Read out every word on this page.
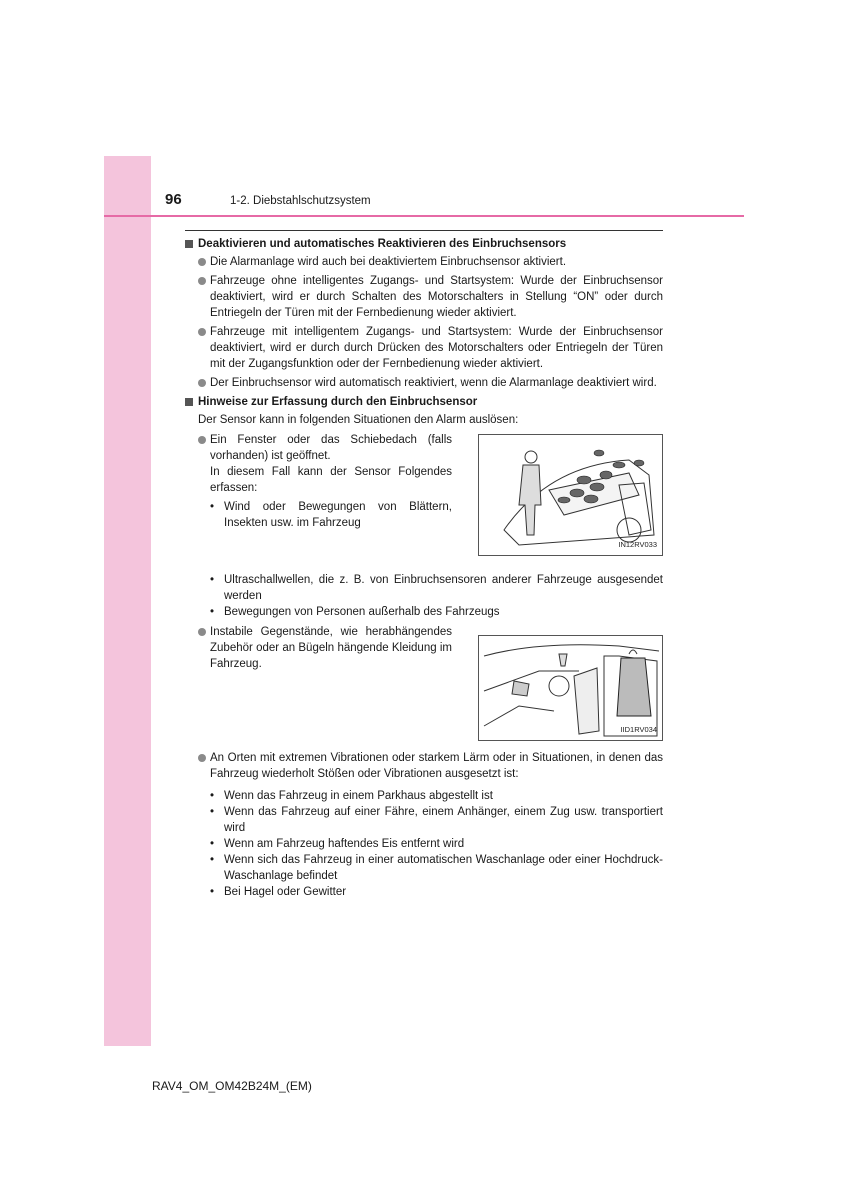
96	1-2. Diebstahlschutzsystem
Deaktivieren und automatisches Reaktivieren des Einbruchsensors
Die Alarmanlage wird auch bei deaktiviertem Einbruchsensor aktiviert.
Fahrzeuge ohne intelligentes Zugangs- und Startsystem: Wurde der Einbruchsensor deaktiviert, wird er durch Schalten des Motorschalters in Stellung “ON” oder durch Entriegeln der Türen mit der Fernbedienung wieder aktiviert.
Fahrzeuge mit intelligentem Zugangs- und Startsystem: Wurde der Einbruchsensor deaktiviert, wird er durch durch Drücken des Motorschalters oder Entriegeln der Türen mit der Zugangsfunktion oder der Fernbedienung wieder aktiviert.
Der Einbruchsensor wird automatisch reaktiviert, wenn die Alarmanlage deaktiviert wird.
Hinweise zur Erfassung durch den Einbruchsensor
Der Sensor kann in folgenden Situationen den Alarm auslösen:
Ein Fenster oder das Schiebedach (falls vorhanden) ist geöffnet.
In diesem Fall kann der Sensor Folgendes erfassen:
• Wind oder Bewegungen von Blättern, Insekten usw. im Fahrzeug
IN12RV033
• Ultraschallwellen, die z. B. von Einbruchsensoren anderer Fahrzeuge ausgesendet werden
• Bewegungen von Personen außerhalb des Fahrzeugs
Instabile Gegenstände, wie herabhängendes Zubehör oder an Bügeln hängende Kleidung im Fahrzeug.
IID1RV034
An Orten mit extremen Vibrationen oder starkem Lärm oder in Situationen, in denen das Fahrzeug wiederholt Stößen oder Vibrationen ausgesetzt ist:
• Wenn das Fahrzeug in einem Parkhaus abgestellt ist
• Wenn das Fahrzeug auf einer Fähre, einem Anhänger, einem Zug usw. transportiert wird
• Wenn am Fahrzeug haftendes Eis entfernt wird
• Wenn sich das Fahrzeug in einer automatischen Waschanlage oder einer Hochdruck-Waschanlage befindet
• Bei Hagel oder Gewitter
RAV4_OM_OM42B24M_(EM)
